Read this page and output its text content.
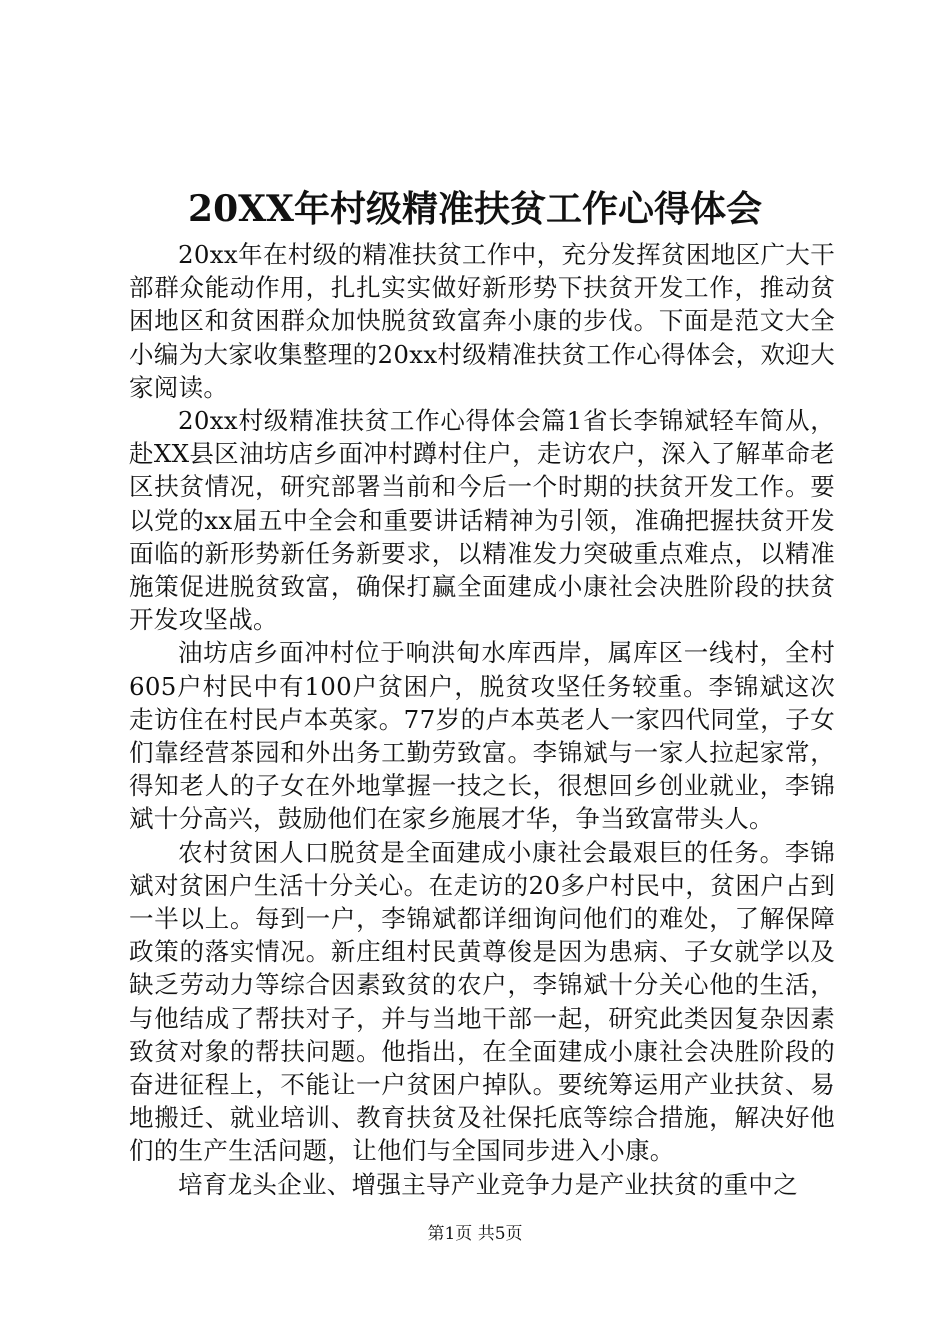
20XX年村级精准扶贫工作心得体会

20xx年在村级的精准扶贫工作中，充分发挥贫困地区广大干部群众能动作用，扎扎实实做好新形势下扶贫开发工作，推动贫困地区和贫困群众加快脱贫致富奔小康的步伐。下面是范文大全小编为大家收集整理的20xx村级精准扶贫工作心得体会，欢迎大家阅读。

20xx村级精准扶贫工作心得体会篇1省长李锦斌轻车简从，赴XX县区油坊店乡面冲村蹲村住户，走访农户，深入了解革命老区扶贫情况，研究部署当前和今后一个时期的扶贫开发工作。要以党的xx届五中全会和重要讲话精神为引领，准确把握扶贫开发面临的新形势新任务新要求，以精准发力突破重点难点，以精准施策促进脱贫致富，确保打赢全面建成小康社会决胜阶段的扶贫开发攻坚战。

油坊店乡面冲村位于响洪甸水库西岸，属库区一线村，全村605户村民中有100户贫困户，脱贫攻坚任务较重。李锦斌这次走访住在村民卢本英家。77岁的卢本英老人一家四代同堂，子女们靠经营茶园和外出务工勤劳致富。李锦斌与一家人拉起家常，得知老人的子女在外地掌握一技之长，很想回乡创业就业，李锦斌十分高兴，鼓励他们在家乡施展才华，争当致富带头人。

农村贫困人口脱贫是全面建成小康社会最艰巨的任务。李锦斌对贫困户生活十分关心。在走访的20多户村民中，贫困户占到一半以上。每到一户，李锦斌都详细询问他们的难处，了解保障政策的落实情况。新庄组村民黄尊俊是因为患病、子女就学以及缺乏劳动力等综合因素致贫的农户，李锦斌十分关心他的生活，与他结成了帮扶对子，并与当地干部一起，研究此类因复杂因素致贫对象的帮扶问题。他指出，在全面建成小康社会决胜阶段的奋进征程上，不能让一户贫困户掉队。要统筹运用产业扶贫、易地搬迁、就业培训、教育扶贫及社保托底等综合措施，解决好他们的生产生活问题，让他们与全国同步进入小康。

培育龙头企业、增强主导产业竞争力是产业扶贫的重中之

第1页 共5页
